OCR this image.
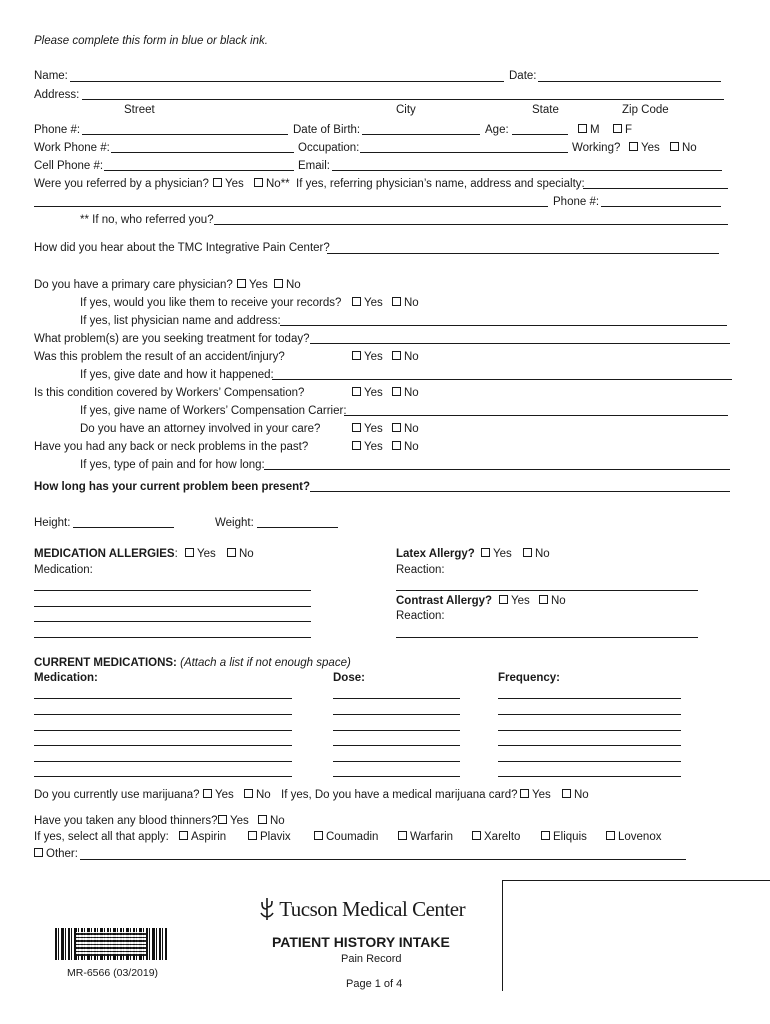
Please complete this form in blue or black ink.
Name:	Date:
Address:
Street	City	State	Zip Code
Phone #:	Date of Birth:	Age:	M	F
Work Phone #:	Occupation:	Working?	Yes	No
Cell Phone #:	Email:
Were you referred by a physician?	Yes	No** If yes, referring physician’s name, address and specialty:
Phone #:
** If no, who referred you?
How did you hear about the TMC Integrative Pain Center?
Do you have a primary care physician?	Yes	No
If yes, would you like them to receive your records?	Yes	No
If yes, list physician name and address:
What problem(s) are you seeking treatment for today?
Was this problem the result of an accident/injury?	Yes	No
If yes, give date and how it happened:
Is this condition covered by Workers’ Compensation?	Yes	No
If yes, give name of Workers’ Compensation Carrier:
Do you have an attorney involved in your care?	Yes	No
Have you had any back or neck problems in the past?	Yes	No
If yes, type of pain and for how long:
How long has your current problem been present?
Height:	Weight:
MEDICATION ALLERGIES:	Yes	No
Medication:
Latex Allergy?	Yes	No
Reaction:
Contrast Allergy?	Yes	No
Reaction:
CURRENT MEDICATIONS: (Attach a list if not enough space)
Medication:	Dose:	Frequency:
Do you currently use marijuana?	Yes	No If yes, Do you have a medical marijuana card?	Yes	No
Have you taken any blood thinners?	Yes	No
If yes, select all that apply:	Aspirin	Plavix	Coumadin	Warfarin	Xarelto	Eliquis	Lovenox
Other:
Tucson Medical Center
PATIENT HISTORY INTAKE
Pain Record
Page 1 of 4
MR-6566 (03/2019)
